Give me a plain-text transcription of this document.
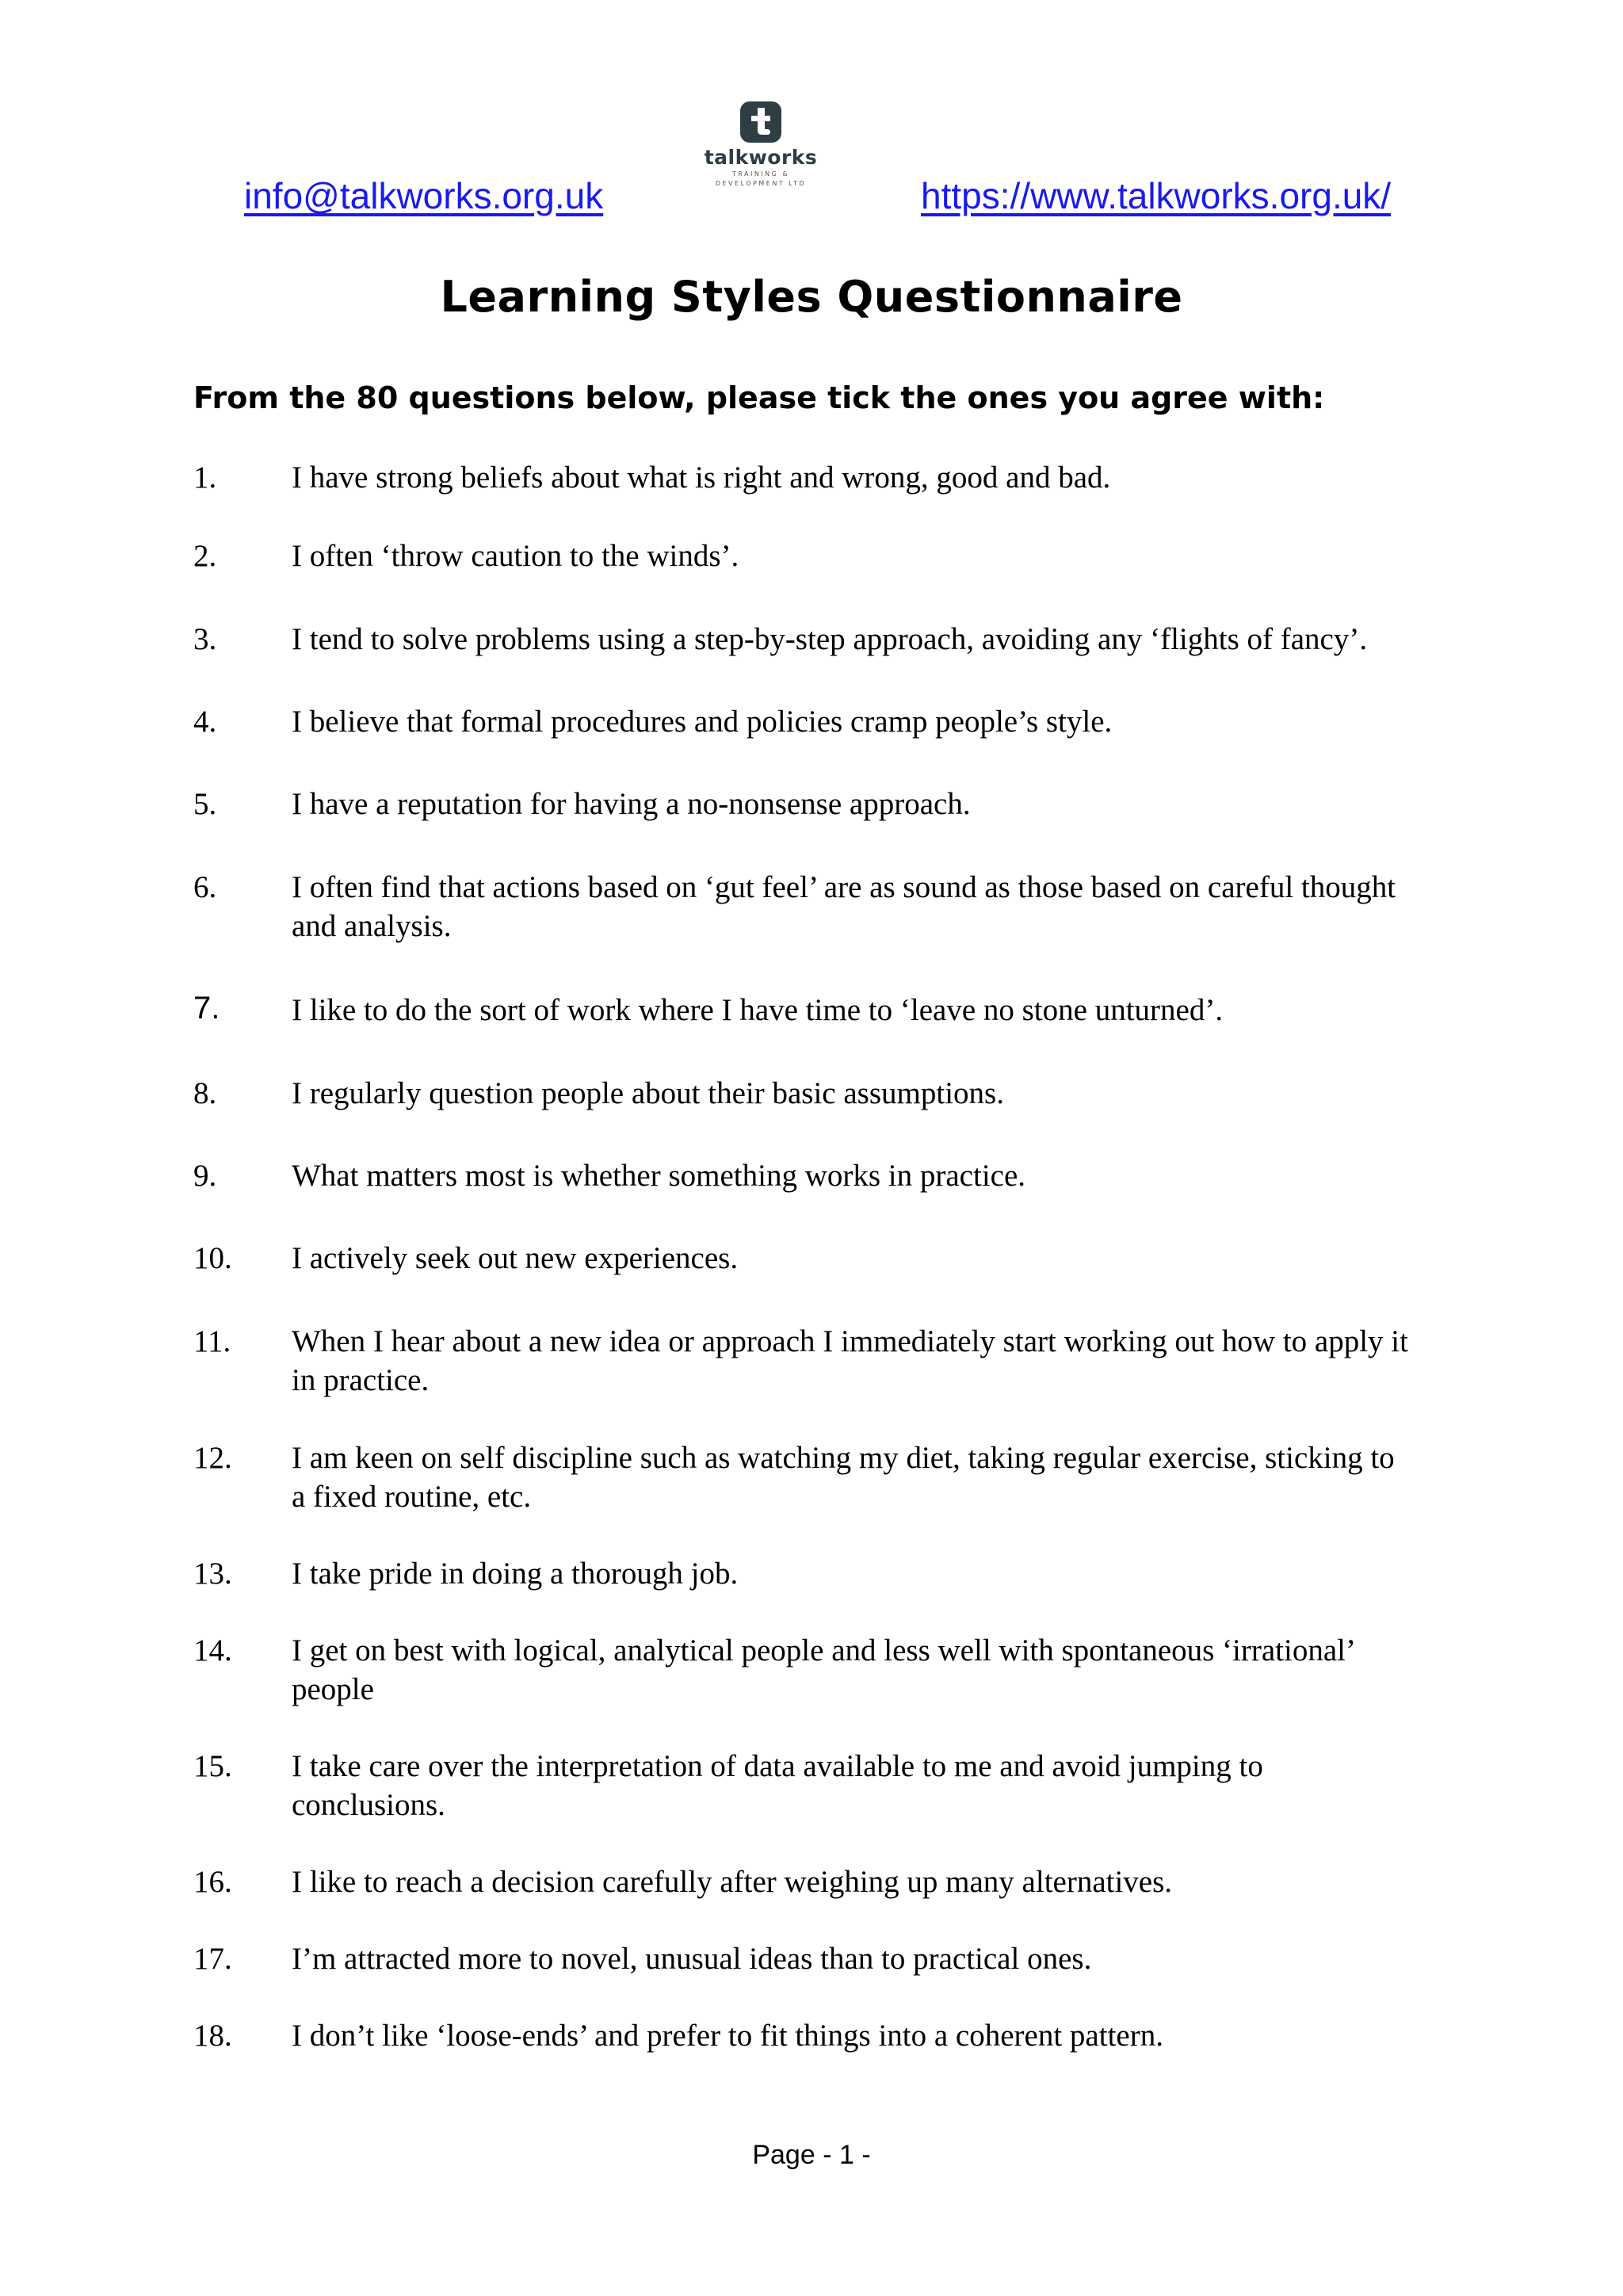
info@talkworks.org.uk
talkworks
TRAINING &
DEVELOPMENT LTD	https://www.talkworks.org.uk/
Learning Styles Questionnaire
From the 80 questions below, please tick the ones you agree with:
1. I have strong beliefs about what is right and wrong, good and bad.
2. I often ‘throw caution to the winds’.
3. I tend to solve problems using a step-by-step approach, avoiding any ‘flights of fancy’.
4. I believe that formal procedures and policies cramp people’s style.
5. I have a reputation for having a no-nonsense approach.
6. I often find that actions based on ‘gut feel’ are as sound as those based on careful thought
and analysis.
7. I like to do the sort of work where I have time to ‘leave no stone unturned’.
8. I regularly question people about their basic assumptions.
9. What matters most is whether something works in practice.
10. I actively seek out new experiences.
11. When I hear about a new idea or approach I immediately start working out how to apply it
in practice.
12. I am keen on self discipline such as watching my diet, taking regular exercise, sticking to
a fixed routine, etc.
13. I take pride in doing a thorough job.
14. I get on best with logical, analytical people and less well with spontaneous ‘irrational’
people
15. I take care over the interpretation of data available to me and avoid jumping to
conclusions.
16. I like to reach a decision carefully after weighing up many alternatives.
17. I’m attracted more to novel, unusual ideas than to practical ones.
18. I don’t like ‘loose-ends’ and prefer to fit things into a coherent pattern.
Page - 1 -
